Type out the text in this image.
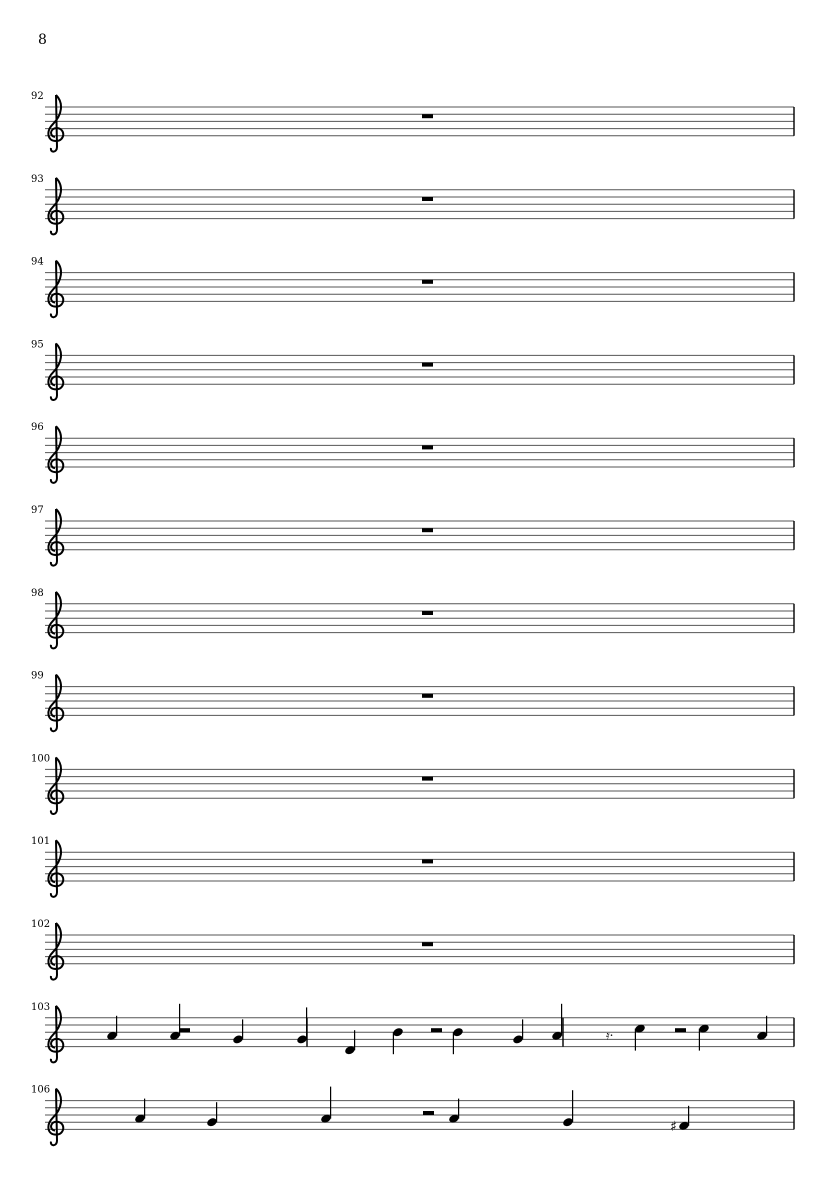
8
92
93
94
95
96
97
98
99
100
101
102
103
𝄿·
106
♯
